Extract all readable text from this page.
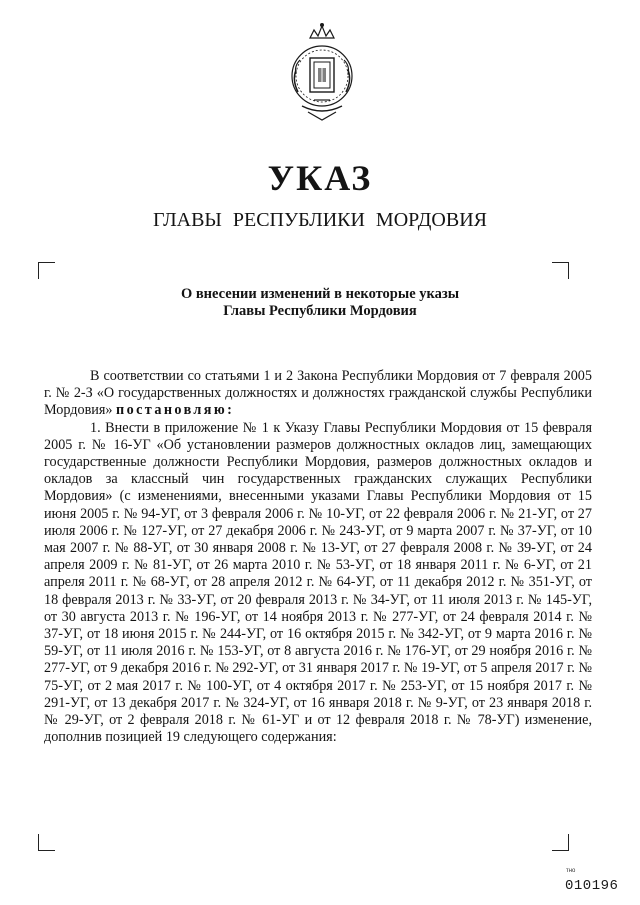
УКАЗ
ГЛАВЫ РЕСПУБЛИКИ МОРДОВИЯ
О внесении изменений в некоторые указы
Главы Республики Мордовия

В соответствии со статьями 1 и 2 Закона Республики Мордовия от 7 февраля 2005 г. № 2-З «О государственных должностях и должностях гражданской службы Республики Мордовия» постановляю:

1. Внести в приложение № 1 к Указу Главы Республики Мордовия от 15 февраля 2005 г. № 16-УГ «Об установлении размеров должностных окладов лиц, замещающих государственные должности Республики Мордовия, размеров должностных окладов и окладов за классный чин государственных гражданских служащих Республики Мордовия» (с изменениями, внесенными указами Главы Республики Мордовия от 15 июня 2005 г. № 94-УГ, от 3 февраля 2006 г. № 10-УГ, от 22 февраля 2006 г. № 21-УГ, от 27 июля 2006 г. № 127-УГ, от 27 декабря 2006 г. № 243-УГ, от 9 марта 2007 г. № 37-УГ, от 10 мая 2007 г. № 88-УГ, от 30 января 2008 г. № 13-УГ, от 27 февраля 2008 г. № 39-УГ, от 24 апреля 2009 г. № 81-УГ, от 26 марта 2010 г. № 53-УГ, от 18 января 2011 г. № 6-УГ, от 21 апреля 2011 г. № 68-УГ, от 28 апреля 2012 г. № 64-УГ, от 11 декабря 2012 г. № 351-УГ, от 18 февраля 2013 г. № 33-УГ, от 20 февраля 2013 г. № 34-УГ, от 11 июля 2013 г. № 145-УГ, от 30 августа 2013 г. № 196-УГ, от 14 ноября 2013 г. № 277-УГ, от 24 февраля 2014 г. № 37-УГ, от 18 июня 2015 г. № 244-УГ, от 16 октября 2015 г. № 342-УГ, от 9 марта 2016 г. № 59-УГ, от 11 июля 2016 г. № 153-УГ, от 8 августа 2016 г. № 176-УГ, от 29 ноября 2016 г. № 277-УГ, от 9 декабря 2016 г. № 292-УГ, от 31 января 2017 г. № 19-УГ, от 5 апреля 2017 г. № 75-УГ, от 2 мая 2017 г. № 100-УГ, от 4 октября 2017 г. № 253-УГ, от 15 ноября 2017 г. № 291-УГ, от 13 декабря 2017 г. № 324-УГ, от 16 января 2018 г. № 9-УГ, от 23 января 2018 г. № 29-УГ, от 2 февраля 2018 г. № 61-УГ и от 12 февраля 2018 г. № 78-УГ) изменение, дополнив позицией 19 следующего содержания:

тно
010196
